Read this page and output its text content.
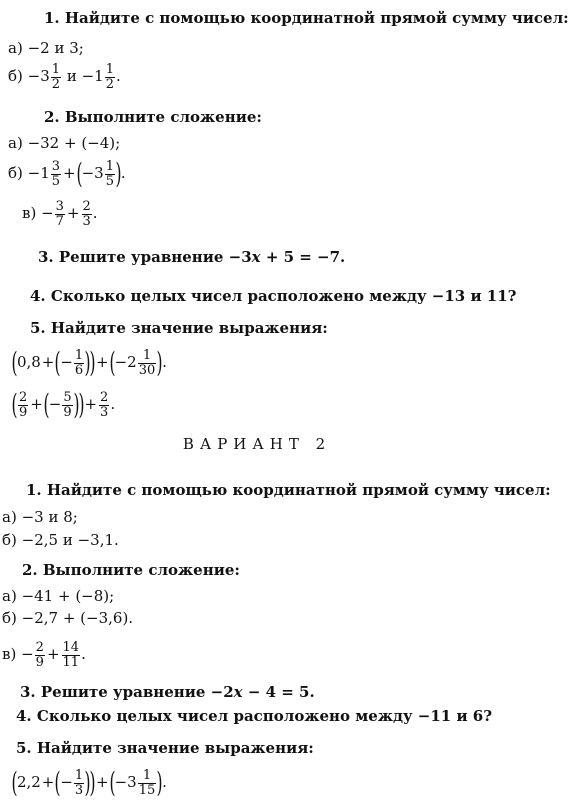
1. Найдите с помощью координатной прямой сумму чисел:
а) −2 и 3;
$б) -3 \frac{1}{2}$ $и -1 \frac{1}{2}$ .
2. Выполните сложение:
а) −32 + (−4);
$б) -1 \frac{3}{5} +(-3 \frac{1}{5}$ ).
$в) - \frac{3}{7} + \frac{2}{3}$ .
3. Решите уравнение −3x + 5 = −7.
4. Сколько целых чисел расположено между −13 и 11?
5. Найдите значение выражения:
$(0,8+(- \frac{1}{6} ))+(-2 \frac{1}{30}$ ).
( $\frac{2}{9}$ +(− $\frac{5}{9}$ ))+ $\frac{2}{3}$ .
ВАРИАНТ 2
1. Найдите с помощью координатной прямой сумму чисел:
а) −3 и 8;
б) −2,5 и −3,1.
2. Выполните сложение:
а) −41 + (−8);
б) −2,7 + (−3,6).
$в) - \frac{2}{9} + \frac{14}{11}$ .
3. Решите уравнение −2x − 4 = 5.
4. Сколько целых чисел расположено между −11 и 6?
5. Найдите значение выражения:
$(2,2+(- \frac{1}{3} ))+(-3 \frac{1}{15}$ ).
